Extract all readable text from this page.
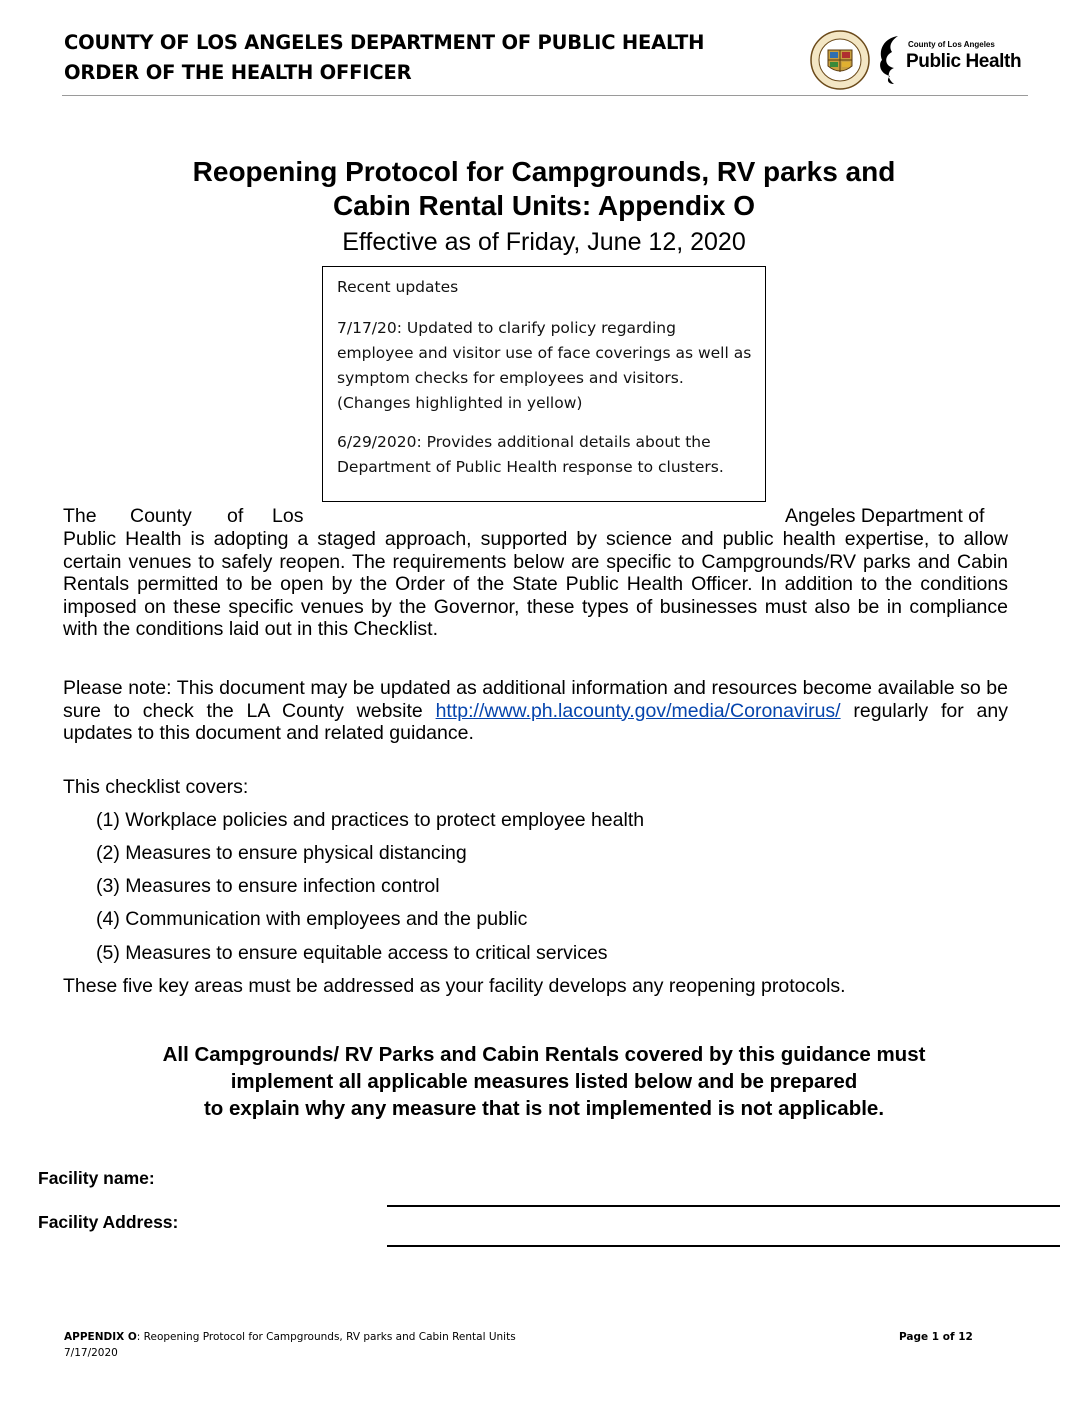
COUNTY OF LOS ANGELES DEPARTMENT OF PUBLIC HEALTH
ORDER OF THE HEALTH OFFICER
County of Los Angeles
Public Health
Reopening Protocol for Campgrounds, RV parks and
Cabin Rental Units: Appendix O
Effective as of Friday, June 12, 2020

Recent updates

7/17/20: Updated to clarify policy regarding employee and visitor use of face coverings as well as symptom checks for employees and visitors. (Changes highlighted in yellow)

6/29/2020: Provides additional details about the Department of Public Health response to clusters.

The County of Los	Angeles Department of
Public Health is adopting a staged approach, supported by science and public health expertise, to allow certain venues to safely reopen. The requirements below are specific to Campgrounds/RV parks and Cabin Rentals permitted to be open by the Order of the State Public Health Officer. In addition to the conditions imposed on these specific venues by the Governor, these types of businesses must also be in compliance with the conditions laid out in this Checklist.
Please note: This document may be updated as additional information and resources become available so be sure to check the LA County website http://www.ph.lacounty.gov/media/Coronavirus/ regularly for any updates to this document and related guidance.
This checklist covers:
(1) Workplace policies and practices to protect employee health
(2) Measures to ensure physical distancing
(3) Measures to ensure infection control
(4) Communication with employees and the public
(5) Measures to ensure equitable access to critical services
These five key areas must be addressed as your facility develops any reopening protocols.
All Campgrounds/ RV Parks and Cabin Rentals covered by this guidance must
implement all applicable measures listed below and be prepared
to explain why any measure that is not implemented is not applicable.
Facility name:
Facility Address:
APPENDIX O: Reopening Protocol for Campgrounds, RV parks and Cabin Rental Units
7/17/2020
Page 1 of 12
